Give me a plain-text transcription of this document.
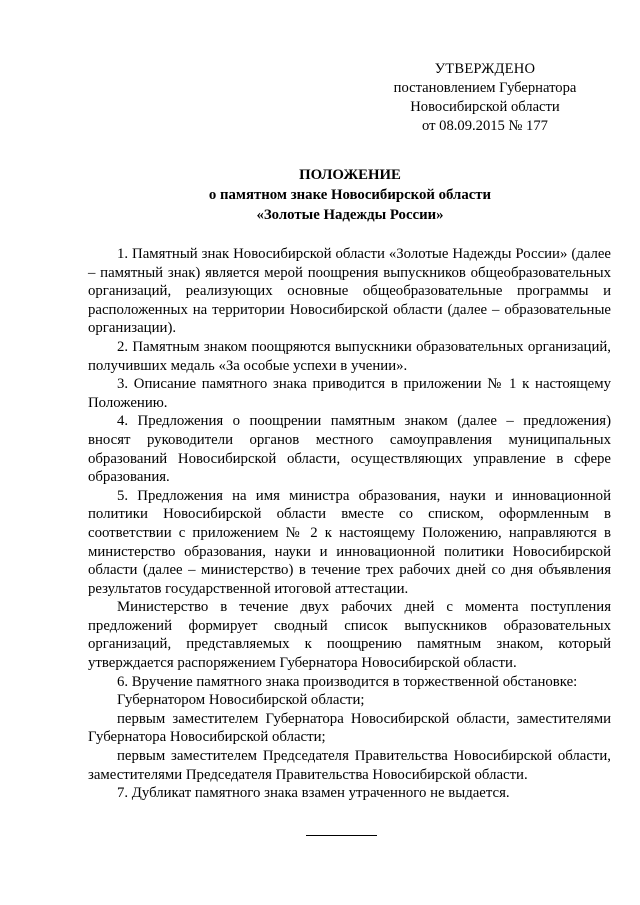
УТВЕРЖДЕНО
постановлением Губернатора
Новосибирской области
от 08.09.2015 № 177
ПОЛОЖЕНИЕ
о памятном знаке Новосибирской области
«Золотые Надежды России»

1. Памятный знак Новосибирской области «Золотые Надежды России» (далее – памятный знак) является мерой поощрения выпускников общеобразовательных организаций, реализующих основные общеобразовательные программы и расположенных на территории Новосибирской области (далее – образовательные организации).

2. Памятным знаком поощряются выпускники образовательных организаций, получивших медаль «За особые успехи в учении».

3. Описание памятного знака приводится в приложении № 1 к настоящему Положению.

4. Предложения о поощрении памятным знаком (далее – предложения) вносят руководители органов местного самоуправления муниципальных образований Новосибирской области, осуществляющих управление в сфере образования.

5. Предложения на имя министра образования, науки и инновационной политики Новосибирской области вместе со списком, оформленным в соответствии с приложением № 2 к настоящему Положению, направляются в министерство образования, науки и инновационной политики Новосибирской области (далее – министерство) в течение трех рабочих дней со дня объявления результатов государственной итоговой аттестации.

Министерство в течение двух рабочих дней с момента поступления предложений формирует сводный список выпускников образовательных организаций, представляемых к поощрению памятным знаком, который утверждается распоряжением Губернатора Новосибирской области.

6. Вручение памятного знака производится в торжественной обстановке:

Губернатором Новосибирской области;

первым заместителем Губернатора Новосибирской области, заместителями Губернатора Новосибирской области;

первым заместителем Председателя Правительства Новосибирской области, заместителями Председателя Правительства Новосибирской области.

7. Дубликат памятного знака взамен утраченного не выдается.
